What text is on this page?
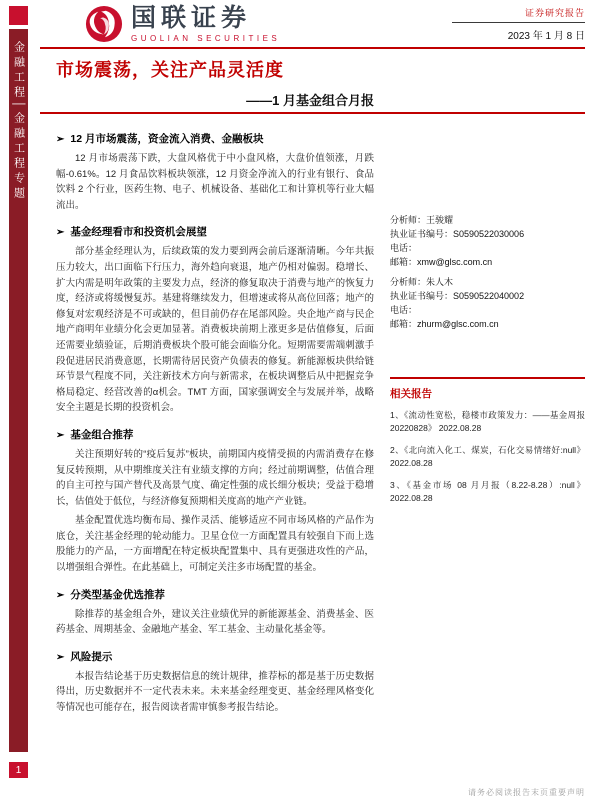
金融工程│金融工程专题
1
国联证券
GUOLIAN SECURITIES
证券研究报告
2023 年 1 月 8 日
市场震荡，关注产品灵活度
——1 月基金组合月报
➢ 12 月市场震荡，资金流入消费、金融板块

12 月市场震荡下跌，大盘风格优于中小盘风格，大盘价值领涨，月跌幅-0.61%。12 月食品饮料板块领涨，12 月资金净流入的行业有银行、食品饮料 2 个行业，医药生物、电子、机械设备、基础化工和计算机等行业大幅流出。

➢ 基金经理看市和投资机会展望

部分基金经理认为，后续政策的发力要到两会前后逐渐清晰。今年共振压力较大，出口面临下行压力，海外趋向衰退，地产仍相对偏弱。稳增长、扩大内需是明年政策的主要发力点，经济的修复取决于消费与地产的恢复力度，经济或将缓慢复苏。基建将继续发力，但增速或将从高位回落；地产的修复对宏观经济是不可或缺的，但目前仍存在尾部风险。央企地产商与民企地产商明年业绩分化会更加显著。消费板块前期上涨更多是估值修复，后面还需要业绩验证，后期消费板块个股可能会面临分化。短期需要需端刺激手段促进居民消费意愿，长期需待居民资产负债表的修复。新能源板块供给链环节景气程度不同，关注新技术方向与新需求，在板块调整后从中把握竞争格局稳定、经营改善的α机会。TMT 方面，国家强调安全与发展并举，战略安全主题是长期的投资机会。

➢ 基金组合推荐

关注预期好转的“疫后复苏”板块，前期国内疫情受损的内需消费存在修复反转预期，从中期维度关注有业绩支撑的方向；经过前期调整，估值合理的自主可控与国产替代及高景气度、确定性强的成长细分板块；受益于稳增长，估值处于低位，与经济修复预期相关度高的地产产业链。

基金配置优选均衡布局、操作灵活、能够适应不同市场风格的产品作为底仓，关注基金经理的轮动能力。卫星仓位一方面配置具有较强自下而上选股能力的产品，一方面增配在特定板块配置集中、具有更强进攻性的产品，以增强组合弹性。在此基础上，可制定关注多市场配置的基金。

➢ 分类型基金优选推荐

除推荐的基金组合外，建议关注业绩优异的新能源基金、消费基金、医药基金、周期基金、金融地产基金、军工基金、主动量化基金等。

➢ 风险提示

本报告结论基于历史数据信息的统计规律，推荐标的都是基于历史数据得出，历史数据并不一定代表未来。未来基金经理变更、基金经理风格变化等情况也可能存在，报告阅读者需审慎参考报告结论。

分析师：王骏耀
执业证书编号：S0590522030006
电话：
邮箱：xmw@glsc.com.cn
分析师：朱人木
执业证书编号：S0590522040002
电话：
邮箱：zhurm@glsc.com.cn
相关报告
1、《流动性宽松，稳楼市政策发力：——基金周报20220828》 2022.08.28
2、《北向流入化工、煤炭，石化交易情绪好:null》 2022.08.28
3、《基金市场 08 月月报（8.22-8.28）:null》 2022.08.28
请务必阅读报告末页重要声明
